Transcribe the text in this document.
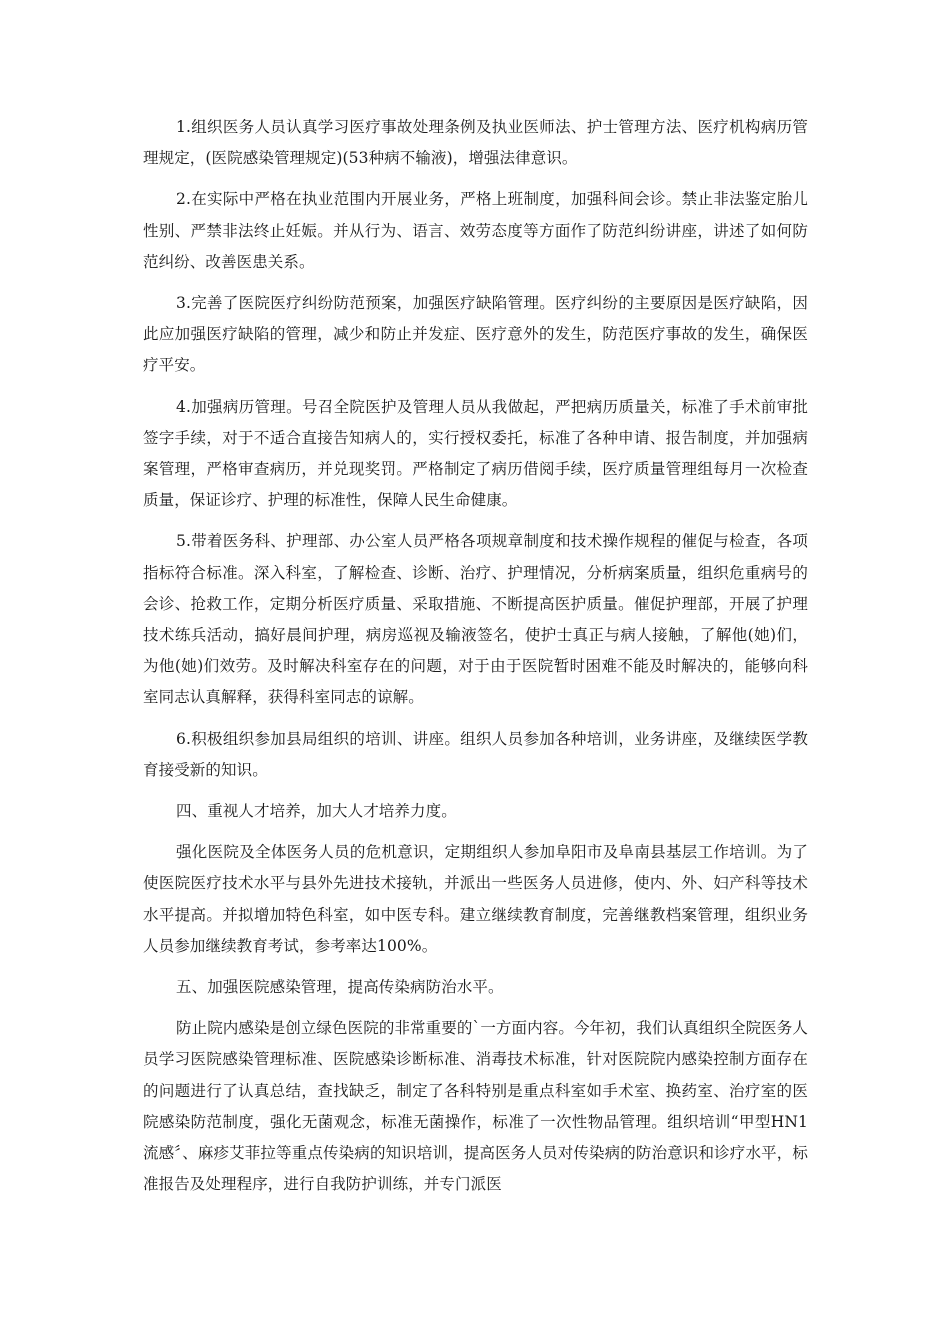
1.组织医务人员认真学习医疗事故处理条例及执业医师法、护士管理方法、医疗机构病历管理规定，(医院感染管理规定)(53种病不输液)，增强法律意识。

2.在实际中严格在执业范围内开展业务，严格上班制度，加强科间会诊。禁止非法鉴定胎儿性别、严禁非法终止妊娠。并从行为、语言、效劳态度等方面作了防范纠纷讲座，讲述了如何防范纠纷、改善医患关系。

3.完善了医院医疗纠纷防范预案，加强医疗缺陷管理。医疗纠纷的主要原因是医疗缺陷，因此应加强医疗缺陷的管理，减少和防止并发症、医疗意外的发生，防范医疗事故的发生，确保医疗平安。

4.加强病历管理。号召全院医护及管理人员从我做起，严把病历质量关，标准了手术前审批签字手续，对于不适合直接告知病人的，实行授权委托，标准了各种申请、报告制度，并加强病案管理，严格审查病历，并兑现奖罚。严格制定了病历借阅手续，医疗质量管理组每月一次检查质量，保证诊疗、护理的标准性，保障人民生命健康。

5.带着医务科、护理部、办公室人员严格各项规章制度和技术操作规程的催促与检查，各项指标符合标准。深入科室，了解检查、诊断、治疗、护理情况，分析病案质量，组织危重病号的会诊、抢救工作，定期分析医疗质量、采取措施、不断提高医护质量。催促护理部，开展了护理技术练兵活动，搞好晨间护理，病房巡视及输液签名，使护士真正与病人接触，了解他(她)们，为他(她)们效劳。及时解决科室存在的问题，对于由于医院暂时困难不能及时解决的，能够向科室同志认真解释，获得科室同志的谅解。

6.积极组织参加县局组织的培训、讲座。组织人员参加各种培训，业务讲座，及继续医学教育接受新的知识。

四、重视人才培养，加大人才培养力度。

强化医院及全体医务人员的危机意识，定期组织人参加阜阳市及阜南县基层工作培训。为了使医院医疗技术水平与县外先进技术接轨，并派出一些医务人员进修，使内、外、妇产科等技术水平提高。并拟增加特色科室，如中医专科。建立继续教育制度，完善继教档案管理，组织业务人员参加继续教育考试，参考率达100%。

五、加强医院感染管理，提高传染病防治水平。

防止院内感染是创立绿色医院的非常重要的`一方面内容。今年初，我们认真组织全院医务人员学习医院感染管理标准、医院感染诊断标准、消毒技术标准，针对医院院内感染控制方面存在的问题进行了认真总结，查找缺乏，制定了各科特别是重点科室如手术室、换药室、治疗室的医院感染防范制度，强化无菌观念，标准无菌操作，标准了一次性物品管理。组织培训“甲型HN1流感〞、麻疹艾菲拉等重点传染病的知识培训，提高医务人员对传染病的防治意识和诊疗水平，标准报告及处理程序，进行自我防护训练，并专门派医
